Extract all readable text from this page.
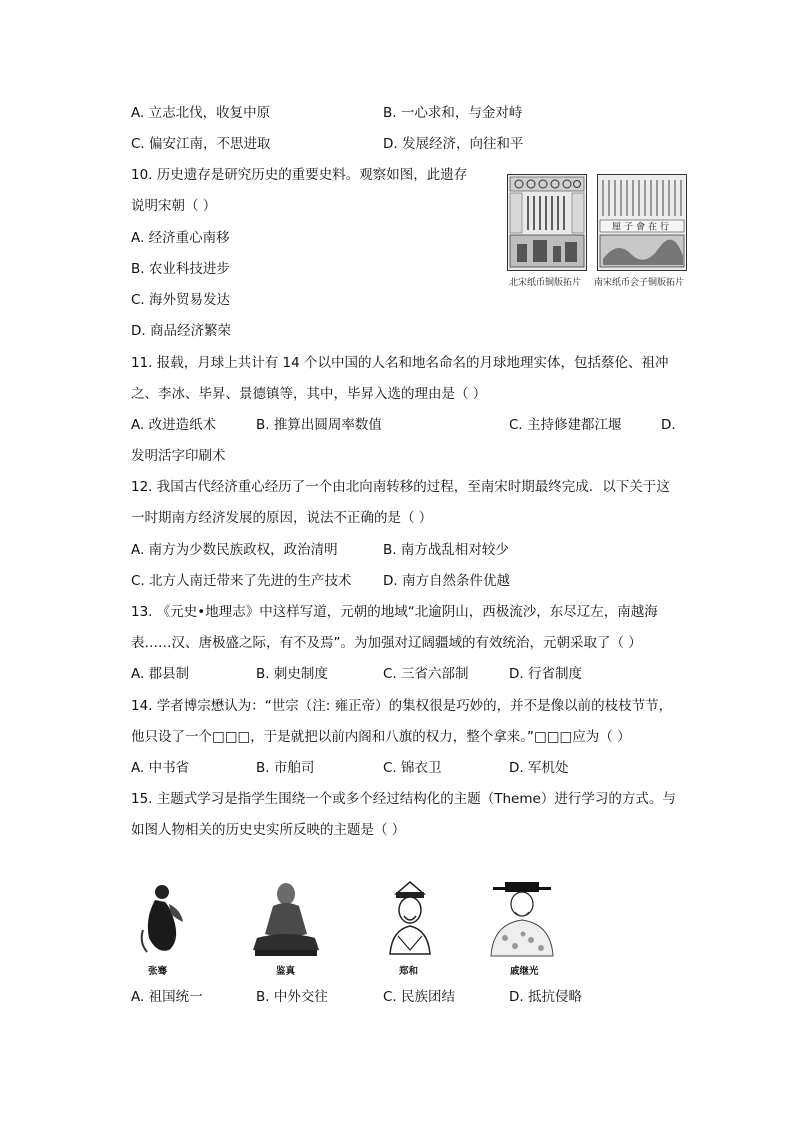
A. 立志北伐，收复中原	B. 一心求和，与金对峙
C. 偏安江南，不思进取	D. 发展经济，向往和平
10. 历史遗存是研究历史的重要史料。观察如图，此遗存
说明宋朝（ ）
A. 经济重心南移
B. 农业科技进步
C. 海外贸易发达
D. 商品经济繁荣
厘子會在行
北宋纸币铜版拓片 南宋纸币会子铜版拓片
11. 报载，月球上共计有 14 个以中国的人名和地名命名的月球地理实体，包括蔡伦、祖冲
之、李冰、毕昇、景德镇等，其中，毕昇入选的理由是（ ）
A. 改进造纸术	B. 推算出圆周率数值	C. 主持修建都江堰	D.
发明活字印刷术
12. 我国古代经济重心经历了一个由北向南转移的过程，至南宋时期最终完成．以下关于这
一时期南方经济发展的原因，说法不正确的是（ ）
A. 南方为少数民族政权，政治清明	B. 南方战乱相对较少
C. 北方人南迁带来了先进的生产技术 D. 南方自然条件优越
13. 《元史•地理志》中这样写道，元朝的地域“北逾阴山，西极流沙，东尽辽左，南越海
表……汉、唐极盛之际，有不及焉”。为加强对辽阔疆域的有效统治，元朝采取了（ ）
A. 郡县制	B. 刺史制度	C. 三省六部制	D. 行省制度
14. 学者博宗懋认为：“世宗（注: 雍正帝）的集权很是巧妙的，并不是像以前的枝枝节节，
他只设了一个□□□，于是就把以前内阁和八旗的权力，整个拿来。”□□□应为（ ）
A. 中书省	B. 市舶司	C. 锦衣卫	D. 军机处
15. 主题式学习是指学生围绕一个或多个经过结构化的主题（Theme）进行学习的方式。与
如图人物相关的历史史实所反映的主题是（ ）
张骞	鉴真	郑和	戚继光
A. 祖国统一	B. 中外交往	C. 民族团结	D. 抵抗侵略
